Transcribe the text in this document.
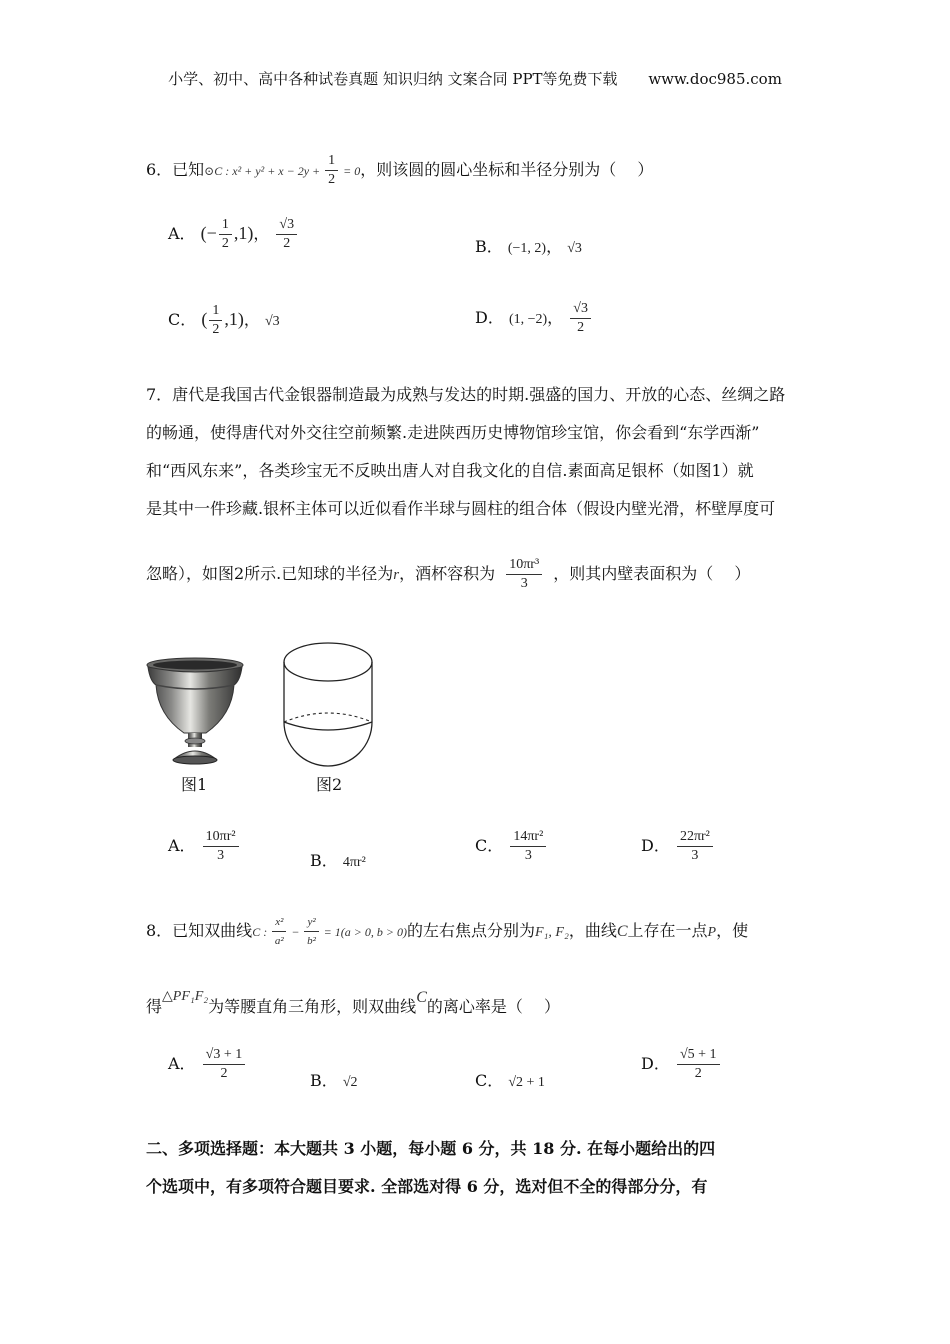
小学、初中、高中各种试卷真题 知识归纳 文案合同 PPT等免费下载 www.doc985.com
6．已知⊙C : $x^2 + y^2 + x - 2y + \frac{1}{2} = 0$，则该圆的圆心坐标和半径分别为（　 ）
A． (− $\frac{1}{2} ,1$)， $\frac{√3}{2}$	B． (−1, 2)， √3
C． ( $\frac{1}{2} ,1$)， √3	D． (1, −2)， $\frac{√3}{2}$
7．唐代是我国古代金银器制造最为成熟与发达的时期.强盛的国力、开放的心态、丝绸之路
的畅通，使得唐代对外交往空前频繁.走进陕西历史博物馆珍宝馆，你会看到“东学西渐”
和“西风东来”，各类珍宝无不反映出唐人对自我文化的自信.素面高足银杯（如图1）就
是其中一件珍藏.银杯主体可以近似看作半球与圆柱的组合体（假设内壁光滑，杯壁厚度可
忽略），如图2所示.已知球的半径为r，酒杯容积为 $\frac{\text{10πr³}}{3}$ ，则其内壁表面积为（　 ）
图1	图2
A． $\frac{\text{10πr²}}{3}$	B． 4πr²
C． $\frac{\text{14πr²}}{3}$	D． $\frac{\text{22πr²}}{3}$
8．已知双曲线C : $\frac{\text{x²}}{\text{a²}} - \frac{\text{y²}}{\text{b²}} = 1(a > 0$, b > 0)的左右焦点分别为F₁, F₂，曲线C上存在一点P，使
得△PF₁F₂为等腰直角三角形，则双曲线C的离心率是（　 ）
A． $\frac{√3 + 1}{2}$	B． √2	C． √2 + 1
D． $\frac{√5 + 1}{2}$
二、多项选择题：本大题共 3 小题，每小题 6 分，共 18 分. 在每小题给出的四
个选项中，有多项符合题目要求. 全部选对得 6 分，选对但不全的得部分分，有
